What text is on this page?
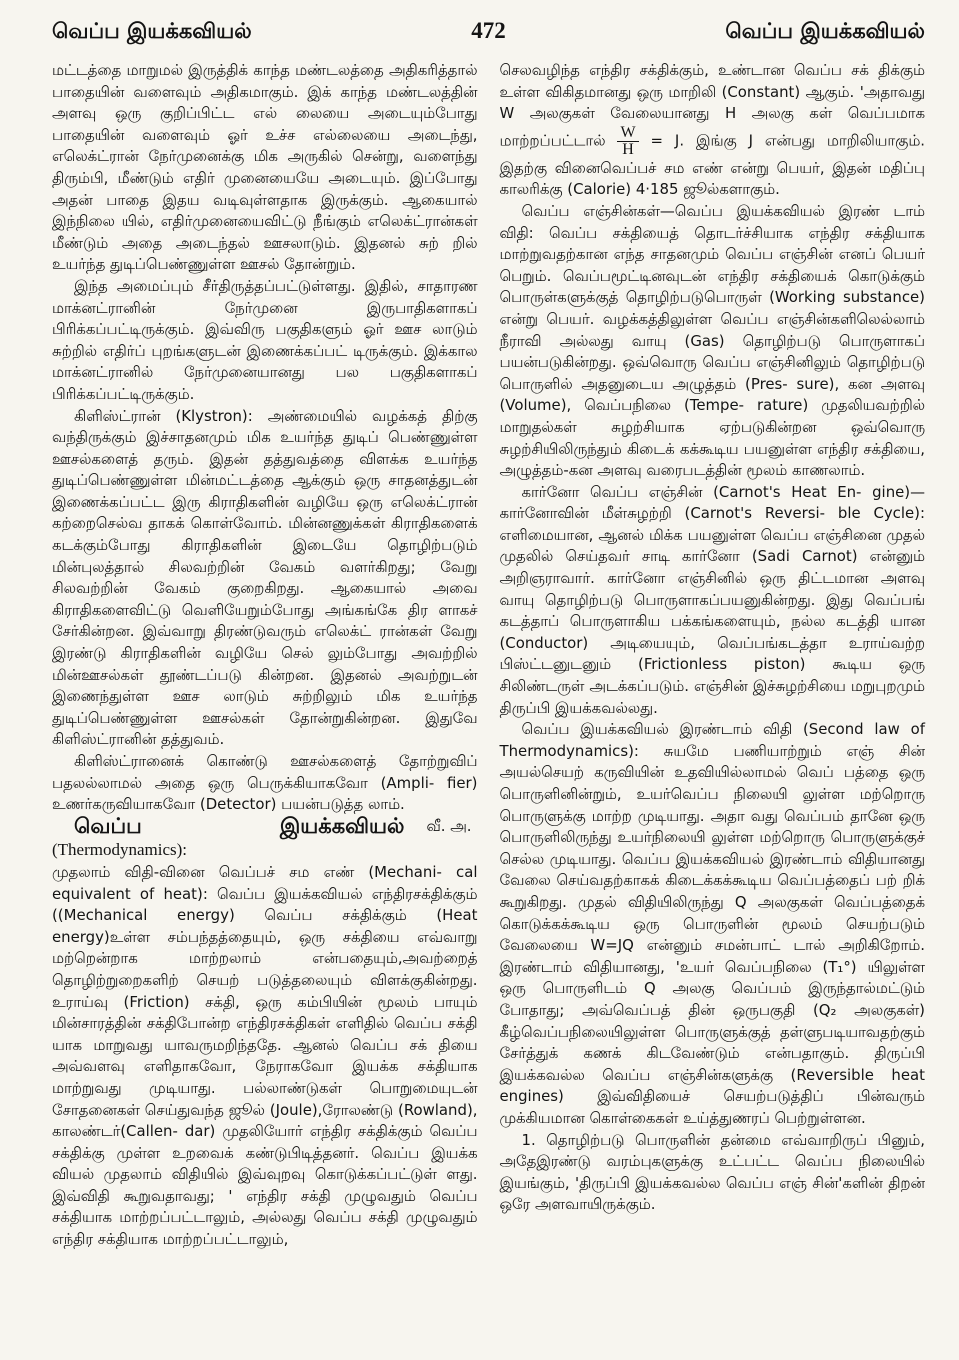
வெப்ப இயக்கவியல்	472	வெப்ப இயக்கவியல்

மட்டத்தை மாறுமல் இருத்திக் காந்த மண்டலத்தை அதிகரித்தால் பாதையின் வளைவும் அதிகமாகும். இக் காந்த மண்டலத்தின் அளவு ஒரு குறிப்பிட்ட எல் லையை அடையும்போது பாதையின் வளைவும் ஓர் உச்ச எல்லையை அடைந்து, எலெக்ட்ரான் நேர்முனைக்கு மிக அருகில் சென்று, வளைந்து திரும்பி, மீண்டும் எதிர் முனையையே அடையும். இப்போது அதன் பாதை இதய வடிவுள்ளதாக இருக்கும். ஆகையால் இந்நிலை யில், எதிர்முனையைவிட்டு நீங்கும் எலெக்ட்ரான்கள் மீண்டும் அதை அடைந்தல் ஊசலாடும். இதனல் சுற் றில் உயர்ந்த துடிப்பெண்ணுள்ள ஊசல் தோன்றும்.

இந்த அமைப்பும் சீர்திருத்தப்பட்டுள்ளது. இதில், சாதாரண மாக்னட்ரானின் நேர்முனை இருபாதிகளாகப் பிரிக்கப்பட்டிருக்கும். இவ்விரு பகுதிகளும் ஓர் ஊச லாடும் சுற்றில் எதிர்ப் புறங்களுடன் இணைக்கப்பட் டிருக்கும். இக்கால மாக்னட்ரானில் நேர்முனையானது பல பகுதிகளாகப் பிரிக்கப்பட்டிருக்கும்.

கிளிஸ்ட்ரான் (Klystron): அண்மையில் வழக்கத் திற்கு வந்திருக்கும் இச்சாதனமும் மிக உயர்ந்த துடிப் பெண்ணுள்ள ஊசல்களைத் தரும். இதன் தத்துவத்தை விளக்க உயர்ந்த துடிப்பெண்ணுள்ள மின்மட்டத்தை ஆக்கும் ஒரு சாதனத்துடன் இணைக்கப்பட்ட இரு கிராதிகளின் வழியே ஒரு எலெக்ட்ரான் கற்றைசெல்வ தாகக் கொள்வோம். மின்னணுக்கள் கிராதிகளைக் கடக்கும்போது கிராதிகளின் இடையே தொழிற்படும் மின்புலத்தால் சிலவற்றின் வேகம் வளர்கிறது; வேறு சிலவற்றின் வேகம் குறைகிறது. ஆகையால் அவை கிராதிகளைவிட்டு வெளியேறும்போது அங்கங்கே திர ளாகச் சேர்கின்றன. இவ்வாறு திரண்டுவரும் எலெக்ட் ரான்கள் வேறு இரண்டு கிராதிகளின் வழியே செல் லும்போது அவற்றில் மின்ஊசல்கள் தூண்டப்படு கின்றன. இதனல் அவற்றுடன் இணைந்துள்ள ஊச லாடும் சுற்றிலும் மிக உயர்ந்த துடிப்பெண்ணுள்ள ஊசல்கள் தோன்றுகின்றன. இதுவே கிளிஸ்ட்ரானின் தத்துவம்.

கிளிஸ்ட்ரானைக் கொண்டு ஊசல்களைத் தோற்றுவிப் பதலல்லாமல் அதை ஒரு பெருக்கியாகவோ (Ampli- fier) உணர்கருவியாகவோ (Detector) பயன்படுத்த லாம்.
வீ. அ.

வெப்ப இயக்கவியல் (Thermodynamics):

முதலாம் விதி-வினை வெப்பச் சம எண் (Mechani- cal equivalent of heat): வெப்ப இயக்கவியல் எந்திரசக்திக்கும் ((Mechanical energy) வெப்ப சக்திக்கும் (Heat energy)உள்ள சம்பந்தத்தையும், ஒரு சக்தியை எவ்வாறு மற்றென்றாக மாற்றலாம் என்பதையும்,அவற்றைத் தொழிற்றுறைகளிற் செயற் படுத்தலையும் விளக்குகின்றது. உராய்வு (Friction) சக்தி, ஒரு கம்பியின் மூலம் பாயும் மின்சாரத்தின் சக்திபோன்ற எந்திரசக்திகள் எளிதில் வெப்ப சக்தி யாக மாறுவது யாவருமறிந்ததே. ஆனல் வெப்ப சக் தியை அவ்வளவு எளிதாகவோ, நேராகவோ இயக்க சக்தியாக மாற்றுவது முடியாது. பல்லாண்டுகள் பொறுமையுடன் சோதனைகள் செய்துவந்த ஜூல் (Joule),ரோலண்டு (Rowland), காலண்டர்(Callen- dar) முதலியோர் எந்திர சக்திக்கும் வெப்ப சக்திக்கு முள்ள உறவைக் கண்டுபிடித்தனர். வெப்ப இயக்க வியல் முதலாம் விதியில் இவ்வுறவு கொடுக்கப்பட்டுள் ளது. இவ்விதி கூறுவதாவது; ' எந்திர சக்தி முழுவதும் வெப்ப சக்தியாக மாற்றப்பட்டாலும், அல்லது வெப்ப சக்தி முழுவதும் எந்திர சக்தியாக மாற்றப்பட்டாலும்,

செலவழிந்த எந்திர சக்திக்கும், உண்டான வெப்ப சக் திக்கும் உள்ள விகிதமானது ஒரு மாறிலி (Constant) ஆகும். 'அதாவது W அலகுகள் வேலையானது H அலகு கள் வெப்பமாக மாற்றப்பட்டால் $\frac{W}{H} = J$. இங்கு J என்பது மாறிலியாகும். இதற்கு வினைவெப்பச் சம எண் என்று பெயர், இதன் மதிப்பு காலரிக்கு (Calorie) 4·185 ஜூல்களாகும்.

வெப்ப எஞ்சின்கள்—வெப்ப இயக்கவியல் இரண் டாம் விதி: வெப்ப சக்தியைத் தொடர்ச்சியாக எந்திர சக்தியாக மாற்றுவதற்கான எந்த சாதனமும் வெப்ப எஞ்சின் எனப் பெயர் பெறும். வெப்பமூட்டினவுடன் எந்திர சக்தியைக் கொடுக்கும் பொருள்களுக்குத் தொழிற்படுபொருள் (Working substance) என்று பெயர். வழக்கத்திலுள்ள வெப்ப எஞ்சின்களிலெல்லாம் நீராவி அல்லது வாயு (Gas) தொழிற்படு பொருளாகப் பயன்படுகின்றது. ஒவ்வொரு வெப்ப எஞ்சினிலும் தொழிற்படு பொருளில் அதனுடைய அழுத்தம் (Pres- sure), கன அளவு (Volume), வெப்பநிலை (Tempe- rature) முதலியவற்றில் மாறுதல்கள் சுழற்சியாக ஏற்படுகின்றன ஒவ்வொரு சுழற்சியிலிருந்தும் கிடைக் கக்கூடிய பயனுள்ள எந்திர சக்தியை, அழுத்தம்-கன அளவு வரைபடத்தின் மூலம் காணலாம்.

கார்னோ வெப்ப எஞ்சின் (Carnot's Heat En- gine)—கார்னோவின் மீள்சுழற்றி (Carnot's Reversi- ble Cycle): எளிமையான, ஆனல் மிக்க பயனுள்ள வெப்ப எஞ்சினை முதல் முதலில் செய்தவர் சாடி கார்னோ (Sadi Carnot) என்னும் அறிஞராவார். கார்னோ எஞ்சினில் ஒரு திட்டமான அளவு வாயு தொழிற்படு பொருளாகப்பயனுகின்றது. இது வெப்பங் கடத்தாப் பொருளாகிய பக்கங்களையும், நல்ல கடத்தி யான (Conductor) அடியையும், வெப்பங்கடத்தா உராய்வற்ற பிஸ்ட்டனுடனும் (Frictionless piston) கூடிய ஒரு சிலிண்டருள் அடக்கப்படும். எஞ்சின் இச்சுழற்சியை மறுபுறமும் திருப்பி இயக்கவல்லது.

வெப்ப இயக்கவியல் இரண்டாம் விதி (Second law of Thermodynamics): சுயமே பணியாற்றும் எஞ் சின் அயல்செயற் கருவியின் உதவியில்லாமல் வெப் பத்தை ஒரு பொருளினின்றும், உயர்வெப்ப நிலையி லுள்ள மற்றொரு பொருளுக்கு மாற்ற முடியாது. அதா வது வெப்பம் தானே ஒரு பொருளிலிருந்து உயர்நிலையி லுள்ள மற்றொரு பொருளுக்குச் செல்ல முடியாது. வெப்ப இயக்கவியல் இரண்டாம் விதியானது வேலை செய்வதற்காகக் கிடைக்கக்கூடிய வெப்பத்தைப் பற் றிக் கூறுகிறது. முதல் விதியிலிருந்து Q அலகுகள் வெப்பத்தைக் கொடுக்கக்கூடிய ஒரு பொருளின் மூலம் செயற்படும் வேலையை W=JQ என்னும் சமன்பாட் டால் அறிகிறோம். இரண்டாம் விதியானது, 'உயர் வெப்பநிலை (T₁°) யிலுள்ள ஒரு பொருளிடம் Q அலகு வெப்பம் இருந்தால்மட்டும் போதாது; அவ்வெப்பத் தின் ஒருபகுதி (Q₂ அலகுகள்) கீழ்வெப்பநிலையிலுள்ள பொருளுக்குத் தள்ளுபடியாவதற்கும் சேர்த்துக் கணக் கிடவேண்டும் என்பதாகும். திருப்பி இயக்கவல்ல வெப்ப எஞ்சின்களுக்கு (Reversible heat engines) இவ்விதியைச் செயற்படுத்திப் பின்வரும் முக்கியமான கொள்கைகள் உய்த்துணரப் பெற்றுள்ளன.

1. தொழிற்படு பொருளின் தன்மை எவ்வாறிருப் பினும், அதேஇரண்டு வரம்புகளுக்கு உட்பட்ட வெப்ப நிலையில் இயங்கும், 'திருப்பி இயக்கவல்ல வெப்ப எஞ் சின்'களின் திறன் ஒரே அளவாயிருக்கும்.
